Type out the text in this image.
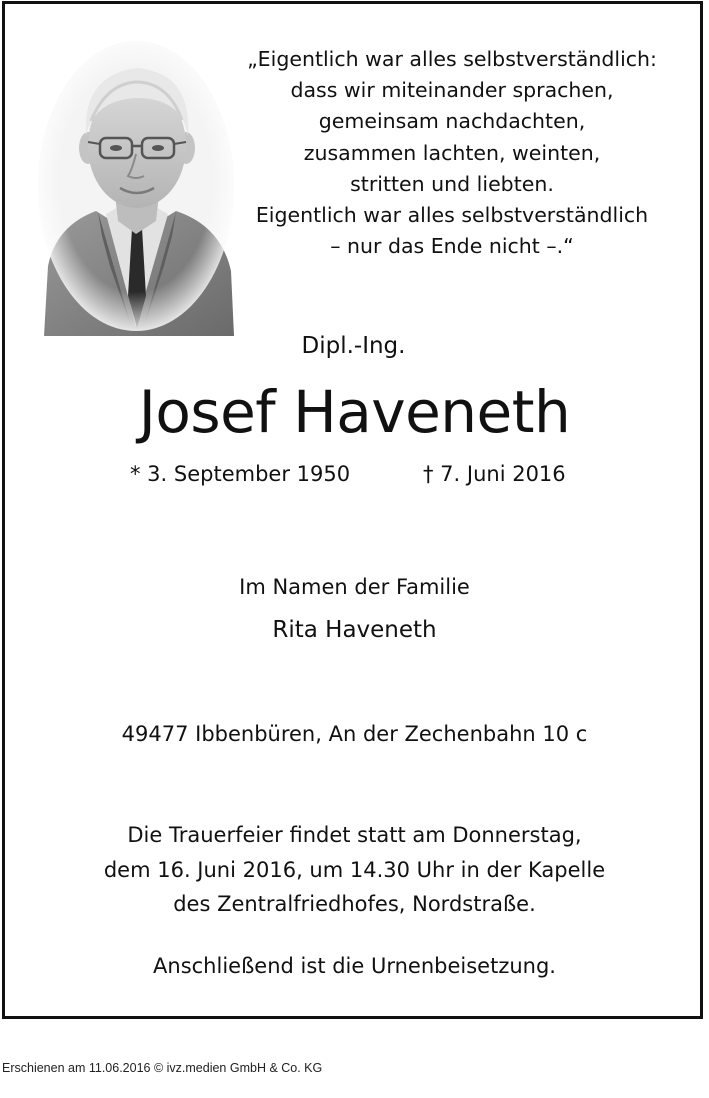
„Eigentlich war alles selbstverständlich:
dass wir miteinander sprachen,
gemeinsam nachdachten,
zusammen lachten, weinten,
stritten und liebten.
Eigentlich war alles selbstverständlich
– nur das Ende nicht –.“
Dipl.-Ing.
Josef Haveneth
* 3. September 1950	† 7. Juni 2016
Im Namen der Familie
Rita Haveneth
49477 Ibbenbüren, An der Zechenbahn 10 c
Die Trauerfeier findet statt am Donnerstag,
dem 16. Juni 2016, um 14.30 Uhr in der Kapelle
des Zentralfriedhofes, Nordstraße.
Anschließend ist die Urnenbeisetzung.
Erschienen am 11.06.2016 © ivz.medien GmbH & Co. KG
